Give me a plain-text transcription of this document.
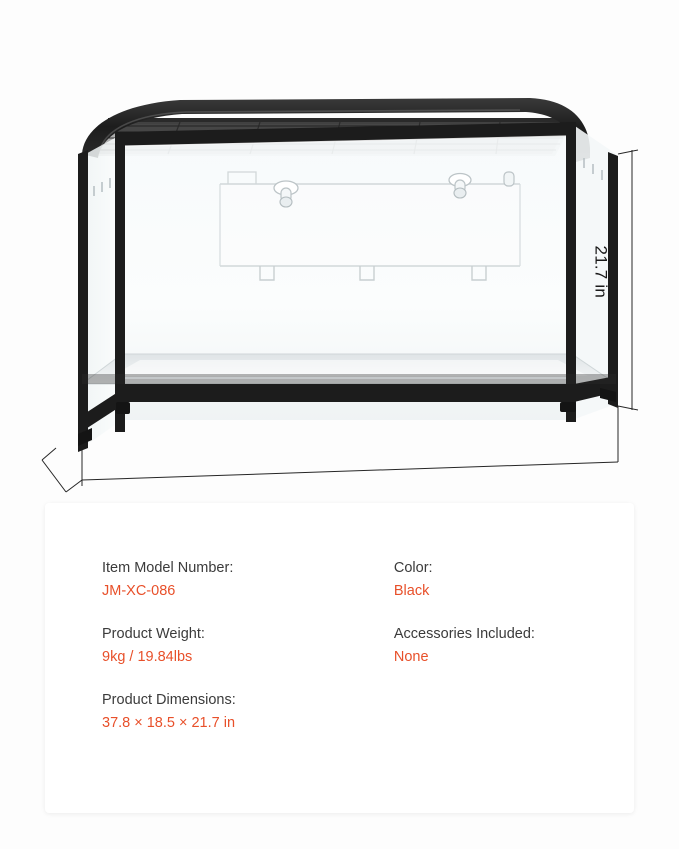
21.7 in
Item Model Number:
JM-XC-086
Product Weight:
9kg / 19.84lbs
Product Dimensions:
37.8 × 18.5 × 21.7 in
Color:
Black
Accessories Included:
None
